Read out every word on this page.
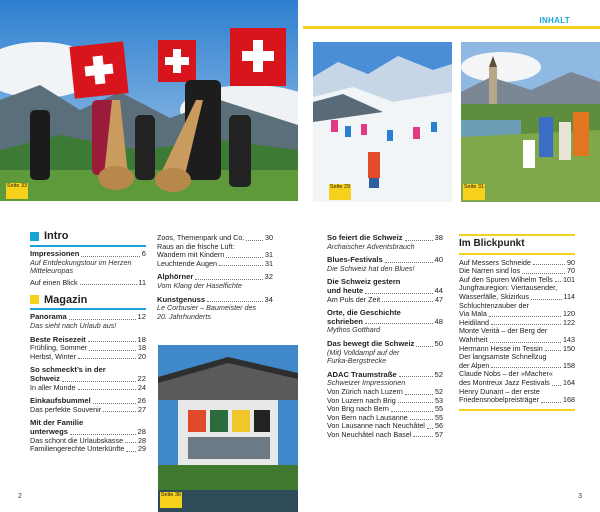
Seite 33	Seite 29	Seite 31
Seite 36
INHALT
Intro
Impressionen	6
Auf Entdeckungstour im Herzen
Mitteleuropas
Auf einen Blick	11
Magazin
Panorama	12
Das sieht nach Urlaub aus!
Beste Reisezeit	18
Frühling, Sommer	18
Herbst, Winter	20
So schmeckt’s in der
Schweiz	22
In aller Munde	24
Einkaufsbummel	26
Das perfekte Souvenir	27
Mit der Familie
unterwegs	28
Das schont die Urlaubskasse 28
Familiengerechte Unterkünfte 29
Zoos, Themenpark und Co.	30
Raus an die frische Luft:
Wandern mit Kindern	31
Leuchtende Augen	31
Alphörner	32
Vom Klang der Haselfichte
Kunstgenuss	34
Le Corbusier – Baumeister des
20. Jahrhunderts
So feiert die Schweiz	38
Archaischer Adventsbrauch
Blues-Festivals	40
Die Schweiz hat den Blues!
Die Schweiz gestern
und heute	44
Am Puls der Zeit	47
Orte, die Geschichte
schrieben	48
Mythos Gotthard
Das bewegt die Schweiz	50
(Mit) Volldampf auf der
Furka-Bergstrecke
ADAC Traumstraße	52
Schweizer Impressionen
Von Zürich nach Luzern	52
Von Luzern nach Brig	53
Von Brig nach Bern	55
Von Bern nach Lausanne	55
Von Lausanne nach Neuchâtel 56
Von Neuchâtel nach Basel	57
Im Blickpunkt
Auf Messers Schneide	90
Die Narren sind los	70
Auf den Spuren Wilhelm Tells 101
Jungfrauregion: Viertausender,
Wasserfälle, Skizirkus	114
Schluchtenzauber der
Via Mala	120
Heidiland	122
Monte Verità – der Berg der
Wahrheit	143
Hermann Hesse im Tessin	150
Der langsamste Schnellzug
der Alpen	158
Claude Nobs – der »Macher«
des Montreux Jazz Festivals 164
Henry Dunant – der erste
Friedensnobelpreisträger	168
2	3
